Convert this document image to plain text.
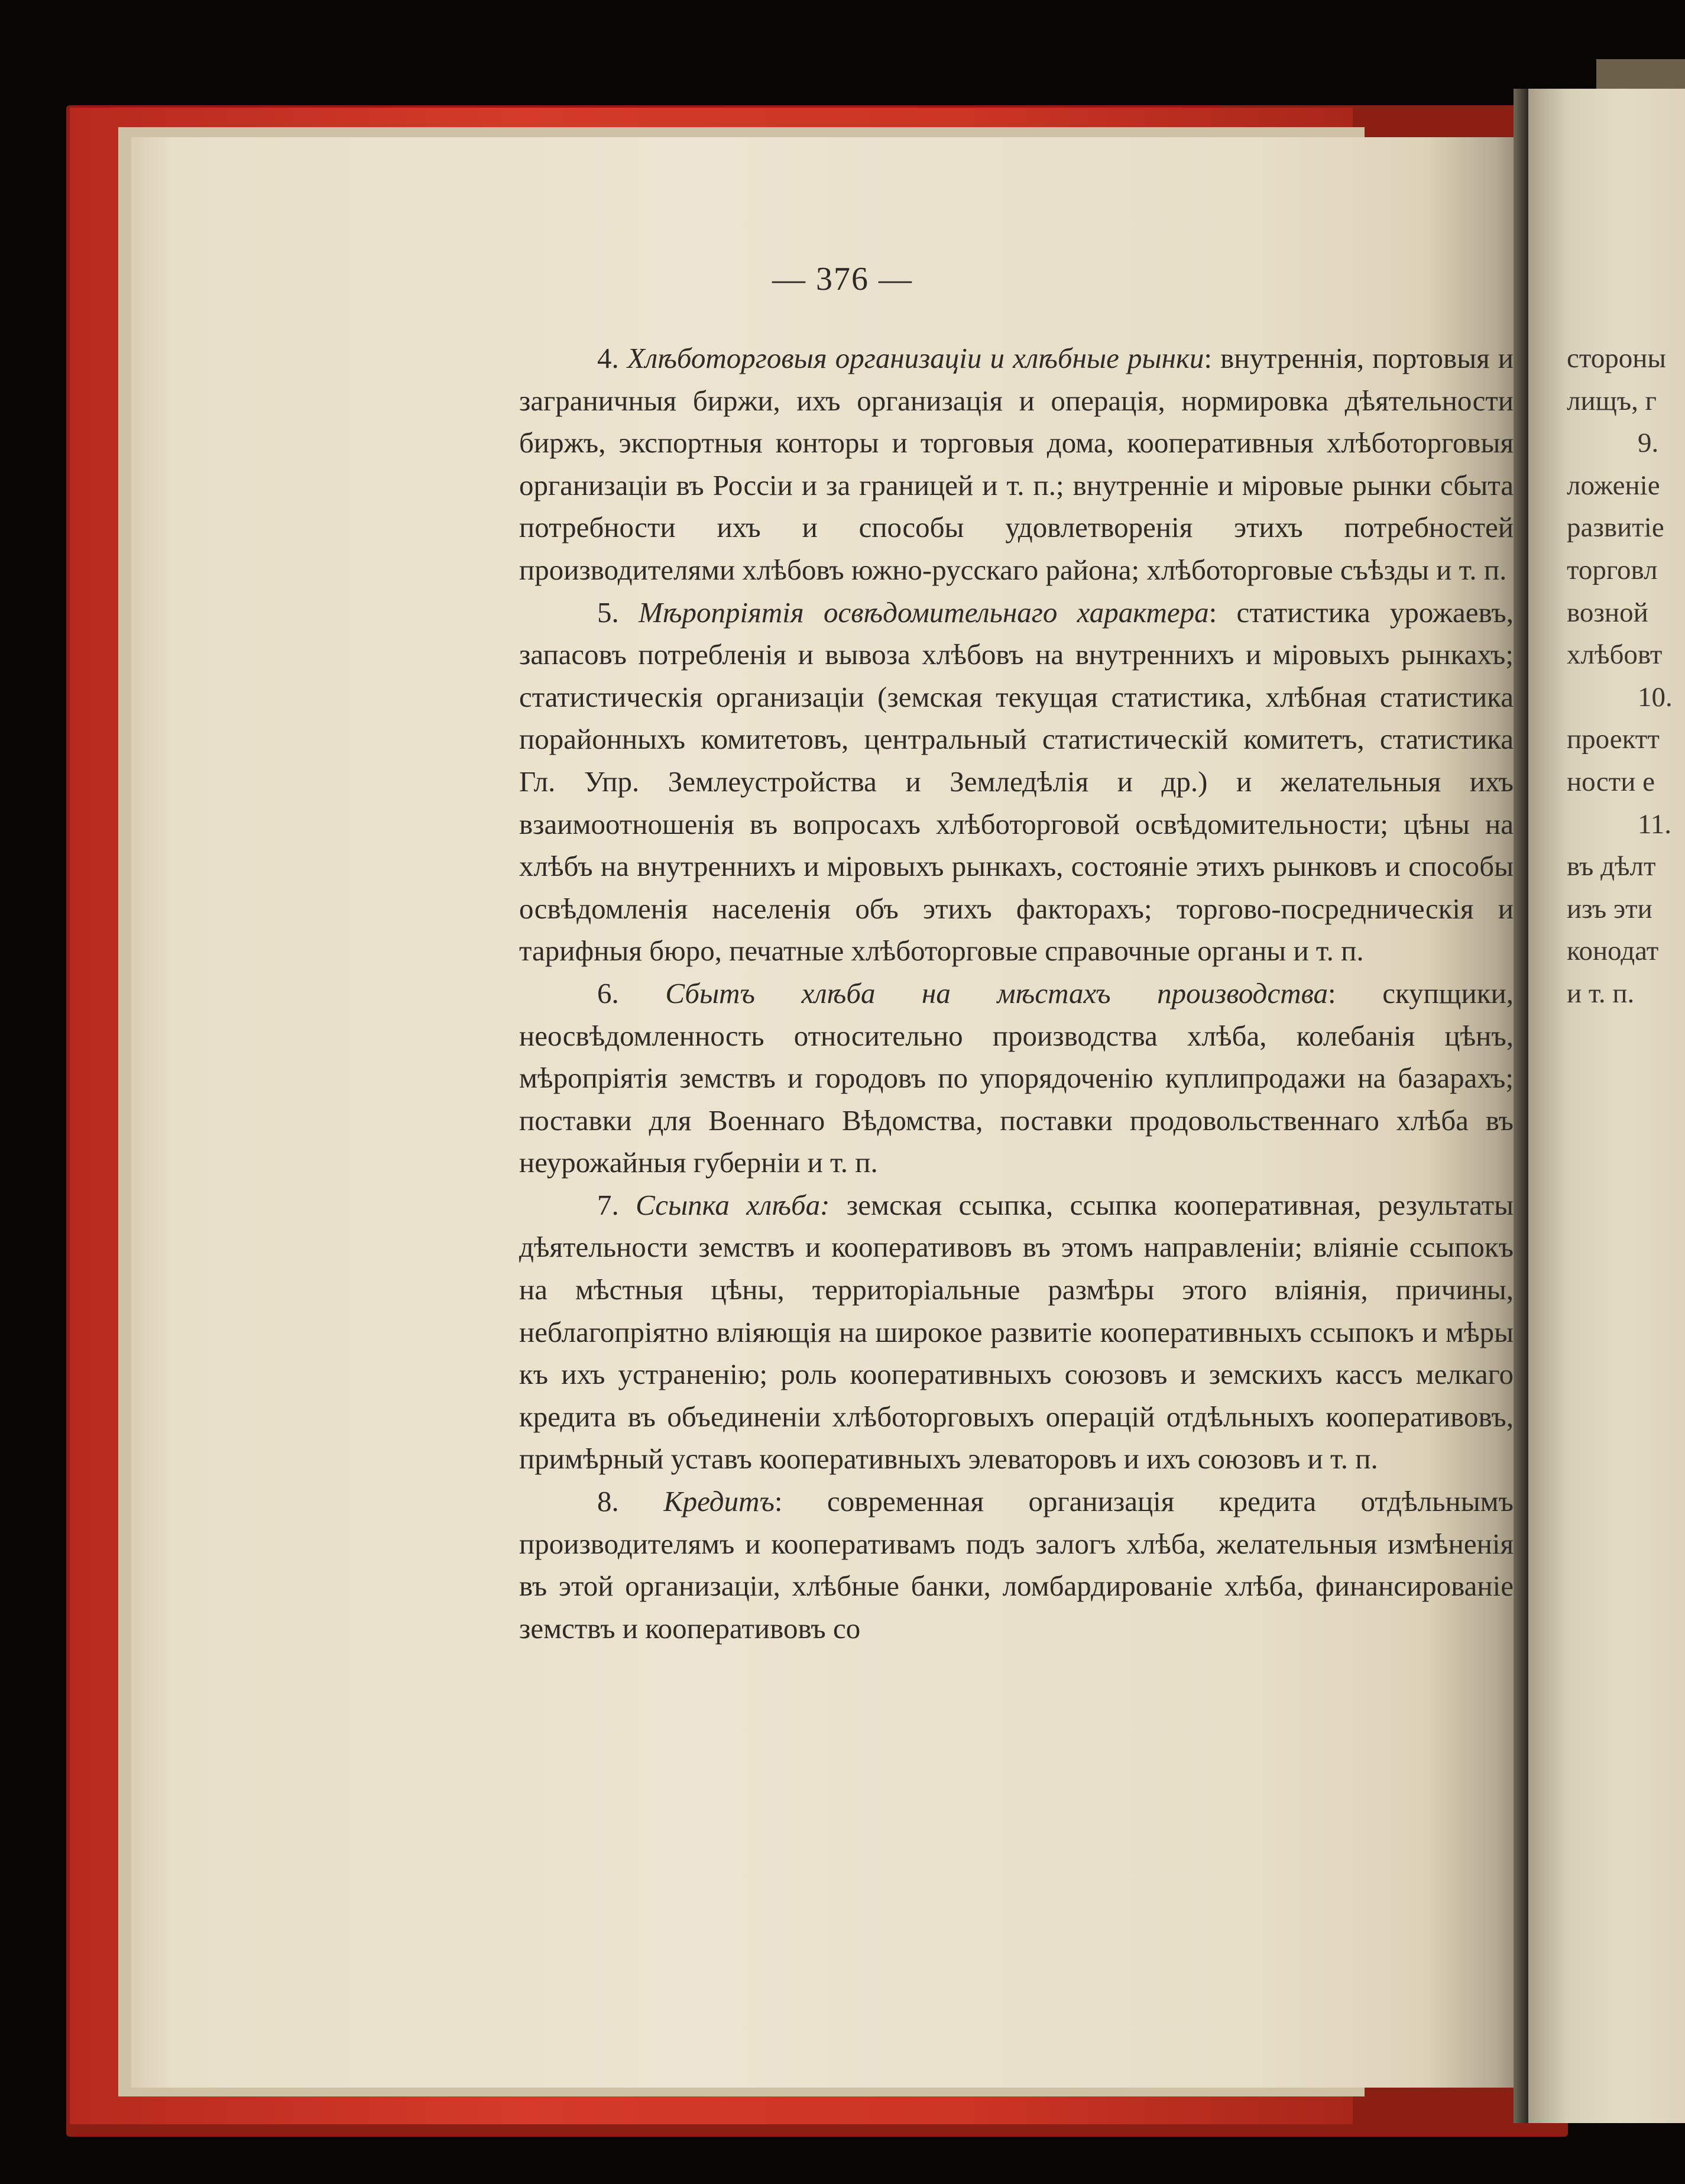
стороны
лищъ, г
9.
ложеніе
развитіе
торговл
возной
хлѣбовт
10.
проектт
ности е
11.
въ дѣлт
изъ эти
конодат
и т. п.
— 376 —

4. Хлѣботорговыя организацiи и хлѣбные рынки: внутреннія, портовыя и заграничныя биржи, ихъ организація и операція, нормировка дѣятельности биржъ, экспортныя конторы и торговыя дома, кооперативныя хлѣботорговыя организаціи въ Россіи и за границей и т. п.; внутренніе и міровые рынки сбыта потребности ихъ и способы удовлетворенія этихъ потребностей производителями хлѣбовъ южно-русскаго района; хлѣботорговые съѣзды и т. п.

5. Мѣропріятія освѣдомительнаго характера: статистика урожаевъ, запасовъ потребленія и вывоза хлѣбовъ на внутреннихъ и міровыхъ рынкахъ; статистическія организаціи (земская текущая статистика, хлѣбная статистика порайонныхъ комитетовъ, центральный статистическій комитетъ, статистика Гл. Упр. Землеустройства и Земледѣлія и др.) и желательныя ихъ взаимоотношенія въ вопросахъ хлѣботорговой освѣдомительности; цѣны на хлѣбъ на внутреннихъ и міровыхъ рынкахъ, состояніе этихъ рынковъ и способы освѣдомленія населенія объ этихъ факторахъ; торгово-посредническія и тарифныя бюро, печатные хлѣботорговые справочные органы и т. п.

6. Сбытъ хлѣба на мѣстахъ производства: скупщики, неосвѣдомленность относительно производства хлѣба, колебанія цѣнъ, мѣропріятія земствъ и городовъ по упорядоченію куплипродажи на базарахъ; поставки для Военнаго Вѣдомства, поставки продовольственнаго хлѣба въ неурожайныя губерніи и т. п.

7. Ссыпка хлѣба: земская ссыпка, ссыпка кооперативная, результаты дѣятельности земствъ и кооперативовъ въ этомъ направленіи; вліяніе ссыпокъ на мѣстныя цѣны, территоріальные размѣры этого вліянія, причины, неблагопріятно вліяющія на широкое развитіе кооперативныхъ ссыпокъ и мѣры къ ихъ устраненію; роль кооперативныхъ союзовъ и земскихъ кассъ мелкаго кредита въ объединеніи хлѣботорговыхъ операцій отдѣльныхъ кооперативовъ, примѣрный уставъ кооперативныхъ элеваторовъ и ихъ союзовъ и т. п.

8. Кредитъ: современная организація кредита отдѣльнымъ производителямъ и кооперативамъ подъ залогъ хлѣба, желательныя измѣненія въ этой организаціи, хлѣбные банки, ломбардированіе хлѣба, финансированіе земствъ и кооперативовъ со
